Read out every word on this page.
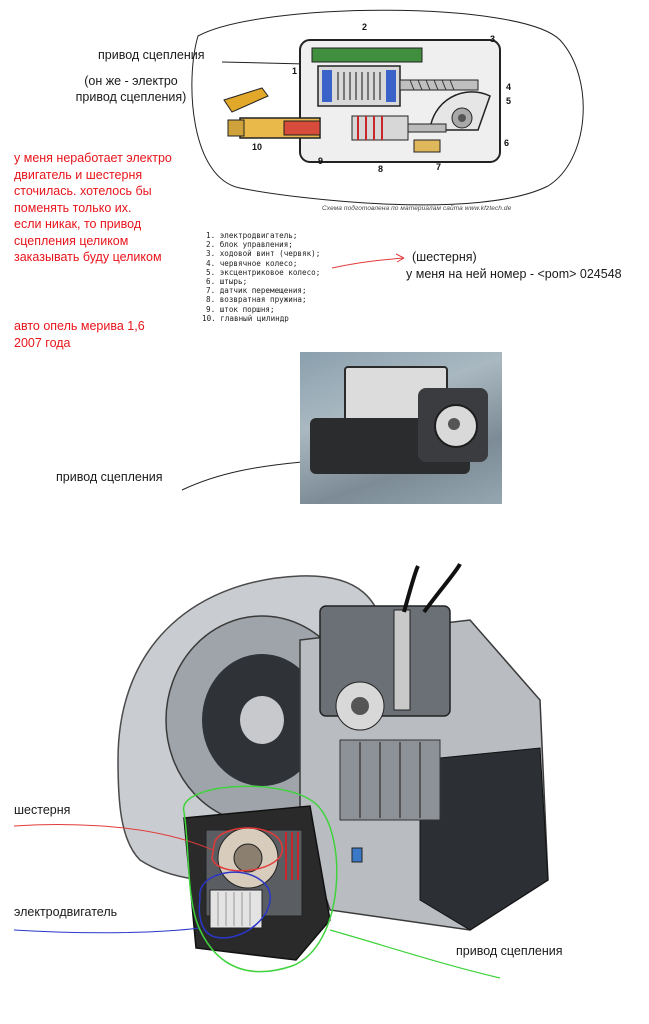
2
1
3
4
5
6
7
8
9
10
Схема подготовлена по материалам сайта www.kfztech.de
привод сцепления
(он же - электро
привод сцепления)
у меня неработает электро
двигатель и шестерня
сточилась. хотелось бы
поменять только их.
если никак, то привод
сцепления целиком
заказывать буду целиком
авто опель мерива 1,6
2007 года
1. электродвигатель;
2. блок управления;
3. ходовой винт (червяк);
4. червячное колесо;
5. эксцентриковое колесо;
6. штырь;
7. датчик перемещения;
8. возвратная пружина;
9. шток поршня;
10. главный цилиндр
(шестерня)
у меня на ней номер - <pom> 024548
привод сцепления
шестерня
электродвигатель
привод сцепления
